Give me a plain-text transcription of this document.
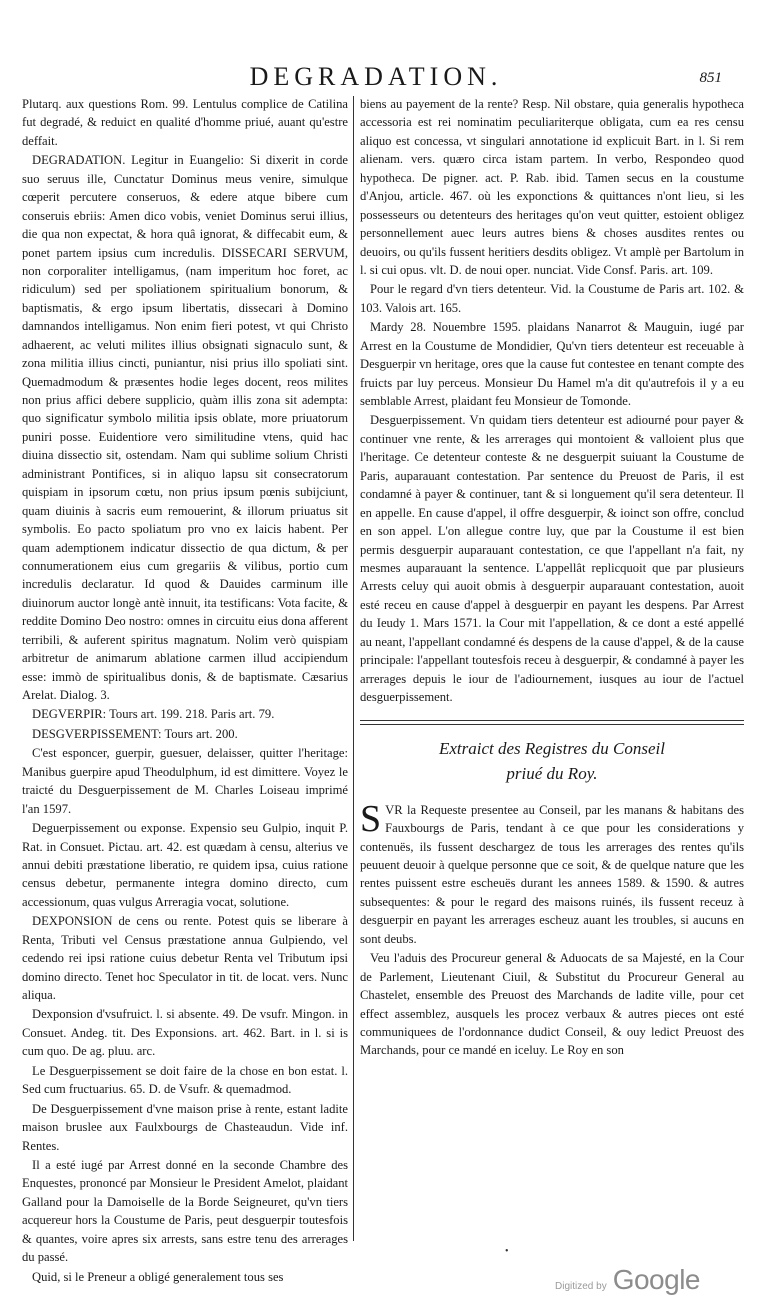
DEGRADATION.	851

Plutarq. aux questions Rom. 99. Lentulus complice de Catilina fut degradé, & reduict en qualité d'homme priué, auant qu'estre deffait.

DEGRADATION. Legitur in Euangelio: Si dixerit in corde suo seruus ille, Cunctatur Dominus meus venire, simulque cœperit percutere conseruos, & edere atque bibere cum conseruis ebriis: Amen dico vobis, veniet Dominus serui illius, die qua non expectat, & hora quâ ignorat, & diffecabit eum, & ponet partem ipsius cum incredulis. DISSECARI SERVUM, non corporaliter intelligamus, (nam imperitum hoc foret, ac ridiculum) sed per spoliationem spiritualium bonorum, & baptismatis, & ergo ipsum libertatis, dissecari à Domino damnandos intelligamus. Non enim fieri potest, vt qui Christo adhaerent, ac veluti milites illius obsignati signaculo sunt, & zona militia illius cincti, puniantur, nisi prius illo spoliati sint. Quemadmodum & præsentes hodie leges docent, reos milites non prius affici debere supplicio, quàm illis zona sit adempta: quo significatur symbolo militia ipsis oblate, more priuatorum puniri posse. Euidentiore vero similitudine vtens, quid hac diuina dissectio sit, ostendam. Nam qui sublime solium Christi administrant Pontifices, si in aliquo lapsu sit consecratorum quispiam in ipsorum cœtu, non prius ipsum pœnis subijciunt, quam diuinis à sacris eum remouerint, & illorum priuatus sit symbolis. Eo pacto spoliatum pro vno ex laicis habent. Per quam ademptionem indicatur dissectio de qua dictum, & per connumerationem eius cum gregariis & vilibus, portio cum incredulis declaratur. Id quod & Dauides carminum ille diuinorum auctor longè antè innuit, ita testificans: Vota facite, & reddite Domino Deo nostro: omnes in circuitu eius dona afferent terribili, & auferent spiritus magnatum. Nolim verò quispiam arbitretur de animarum ablatione carmen illud accipiendum esse: immò de spiritualibus donis, & de baptismate. Cæsarius Arelat. Dialog. 3.

DEGVERPIR: Tours art. 199. 218. Paris art. 79.

DESGVERPISSEMENT: Tours art. 200.

C'est esponcer, guerpir, guesuer, delaisser, quitter l'heritage: Manibus guerpire apud Theodulphum, id est dimittere. Voyez le traicté du Desguerpissement de M. Charles Loiseau imprimé l'an 1597.

Deguerpissement ou exponse. Expensio seu Gulpio, inquit P. Rat. in Consuet. Pictau. art. 42. est quædam à censu, alterius ve annui debiti præstatione liberatio, re quidem ipsa, cuius ratione census debetur, permanente integra domino directo, cum accessionum, quas vulgus Arreragia vocat, solutione.

DEXPONSION de cens ou rente. Potest quis se liberare à Renta, Tributi vel Census præstatione annua Gulpiendo, vel cedendo rei ipsi ratione cuius debetur Renta vel Tributum ipsi domino directo. Tenet hoc Speculator in tit. de locat. vers. Nunc aliqua.

Dexponsion d'vsufruict. l. si absente. 49. De vsufr. Mingon. in Consuet. Andeg. tit. Des Exponsions. art. 462. Bart. in l. si is cum quo. De ag. pluu. arc.

Le Desguerpissement se doit faire de la chose en bon estat. l. Sed cum fructuarius. 65. D. de Vsufr. & quemadmod.

De Desguerpissement d'vne maison prise à rente, estant ladite maison bruslee aux Faulxbourgs de Chasteaudun. Vide inf. Rentes.

Il a esté iugé par Arrest donné en la seconde Chambre des Enquestes, prononcé par Monsieur le President Amelot, plaidant Galland pour la Damoiselle de la Borde Seigneuret, qu'vn tiers acquereur hors la Coustume de Paris, peut desguerpir toutesfois & quantes, voire apres six arrests, sans estre tenu des arrerages du passé.

Quid, si le Preneur a obligé generalement tous ses

biens au payement de la rente? Resp. Nil obstare, quia generalis hypotheca accessoria est rei nominatim peculiariterque obligata, cum ea res censu aliquo est concessa, vt singulari annotatione id explicuit Bart. in l. Si rem alienam. vers. quæro circa istam partem. In verbo, Respondeo quod hypotheca. De pigner. act. P. Rab. ibid. Tamen secus en la coustume d'Anjou, article. 467. où les exponctions & quittances n'ont lieu, si les possesseurs ou detenteurs des heritages qu'on veut quitter, estoient obligez personnellement auec leurs autres biens & choses ausdites rentes ou deuoirs, ou qu'ils fussent heritiers desdits obligez. Vt amplè per Bartolum in l. si cui opus. vlt. D. de noui oper. nunciat. Vide Consf. Paris. art. 109.

Pour le regard d'vn tiers detenteur. Vid. la Coustume de Paris art. 102. & 103. Valois art. 165.

Mardy 28. Nouembre 1595. plaidans Nanarrot & Mauguin, iugé par Arrest en la Coustume de Mondidier, Qu'vn tiers detenteur est receuable à Desguerpir vn heritage, ores que la cause fut contestee en tenant compte des fruicts par luy perceus. Monsieur Du Hamel m'a dit qu'autrefois il y a eu semblable Arrest, plaidant feu Monsieur de Tomonde.

Desguerpissement. Vn quidam tiers detenteur est adiourné pour payer & continuer vne rente, & les arrerages qui montoient & valloient plus que l'heritage. Ce detenteur conteste & ne desguerpit suiuant la Coustume de Paris, auparauant contestation. Par sentence du Preuost de Paris, il est condamné à payer & continuer, tant & si longuement qu'il sera detenteur. Il en appelle. En cause d'appel, il offre desguerpir, & ioinct son offre, conclud en son appel. L'on allegue contre luy, que par la Coustume il est bien permis desguerpir auparauant contestation, ce que l'appellant n'a fait, ny mesmes auparauant la sentence. L'appellât replicquoit que par plusieurs Arrests celuy qui auoit obmis à desguerpir auparauant contestation, auoit esté receu en cause d'appel à desguerpir en payant les despens. Par Arrest du Ieudy 1. Mars 1571. la Cour mit l'appellation, & ce dont a esté appellé au neant, l'appellant condamné és despens de la cause d'appel, & de la cause principale: l'appellant toutesfois receu à desguerpir, & condamné à payer les arrerages depuis le iour de l'adiournement, iusques au iour de l'actuel desguerpissement.

Extraict des Registres du Conseil
priué du Roy.

SVR la Requeste presentee au Conseil, par les manans & habitans des Fauxbourgs de Paris, tendant à ce que pour les considerations y contenuës, ils fussent deschargez de tous les arrerages des rentes qu'ils peuuent deuoir à quelque personne que ce soit, & de quelque nature que les rentes puissent estre escheuës durant les annees 1589. & 1590. & autres subsequentes: & pour le regard des maisons ruinés, ils fussent receuz à desguerpir en payant les arrerages escheuz auant les troubles, si aucuns en sont deubs.

Veu l'aduis des Procureur general & Aduocats de sa Majesté, en la Cour de Parlement, Lieutenant Ciuil, & Substitut du Procureur General au Chastelet, ensemble des Preuost des Marchands de ladite ville, pour cet effect assemblez, ausquels les procez verbaux & autres pieces ont esté communiquees de l'ordonnance dudict Conseil, & ouy ledict Preuost des Marchands, pour ce mandé en iceluy. Le Roy en son

•
Digitized by Google
